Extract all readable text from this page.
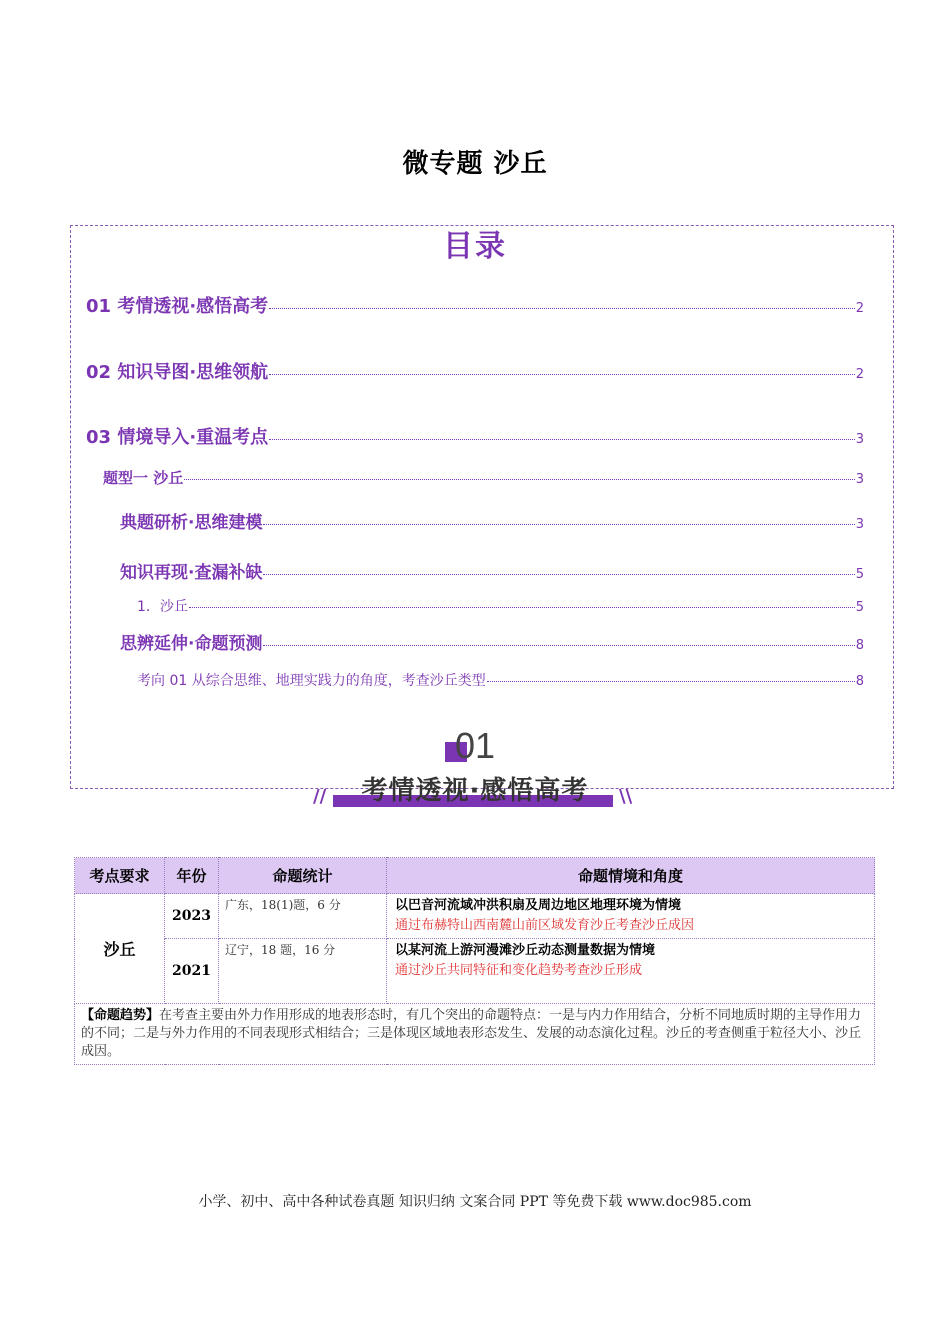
微专题 沙丘
目录
01 考情透视·感悟高考	2
02 知识导图·思维领航	2
03 情境导入·重温考点	3
题型一 沙丘	3
典题研析·思维建模	3
知识再现·查漏补缺	5
1．沙丘	5
思辨延伸·命题预测	8
考向 01 从综合思维、地理实践力的角度，考查沙丘类型	8
01
考情透视·感悟高考
//	\\
考点要求	年份	命题统计	命题情境和角度
沙丘	2023	广东，18(1)题，6 分	以巴音河流域冲洪积扇及周边地区地理环境为情境
通过布赫特山西南麓山前区域发育沙丘考查沙丘成因

	2021	辽宁，18 题，16 分	以某河流上游河漫滩沙丘动态测量数据为情境
通过沙丘共同特征和变化趋势考查沙丘形成

【命题趋势】在考查主要由外力作用形成的地表形态时，有几个突出的命题特点：一是与内力作用结合，分析不同地质时期的主导作用力的不同；二是与外力作用的不同表现形式相结合；三是体现区域地表形态发生、发展的动态演化过程。沙丘的考查侧重于粒径大小、沙丘成因。			
小学、初中、高中各种试卷真题 知识归纳 文案合同 PPT 等免费下载 www.doc985.com
